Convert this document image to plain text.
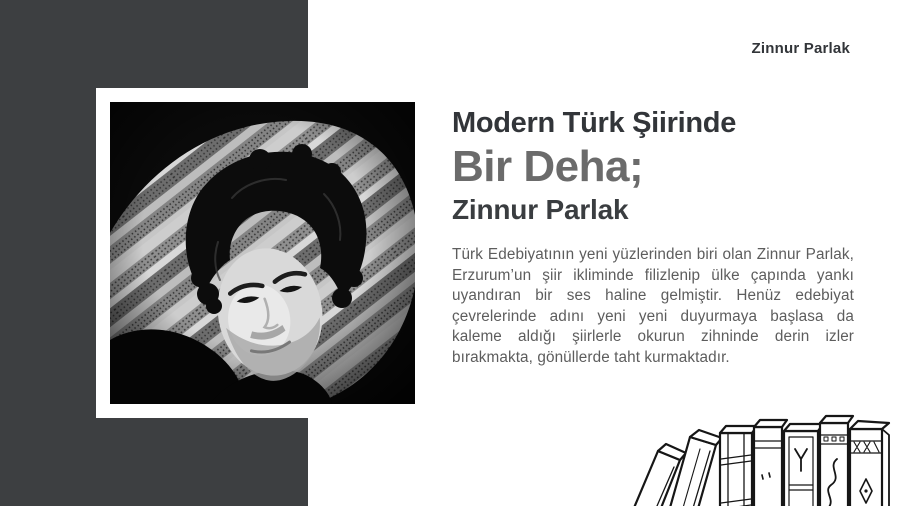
Zinnur Parlak
Modern Türk Şiirinde
Bir Deha;
Zinnur Parlak

Türk Edebiyatının yeni yüzlerinden biri olan Zinnur Parlak, Erzurum’un şiir ikliminde filizlenip ülke çapında yankı uyandıran bir ses haline gelmiştir. Henüz edebiyat çevrelerinde adını yeni yeni duyurmaya başlasa da kaleme aldığı şiirlerle okurun zihninde derin izler bırakmakta, gönüllerde taht kurmaktadır.
